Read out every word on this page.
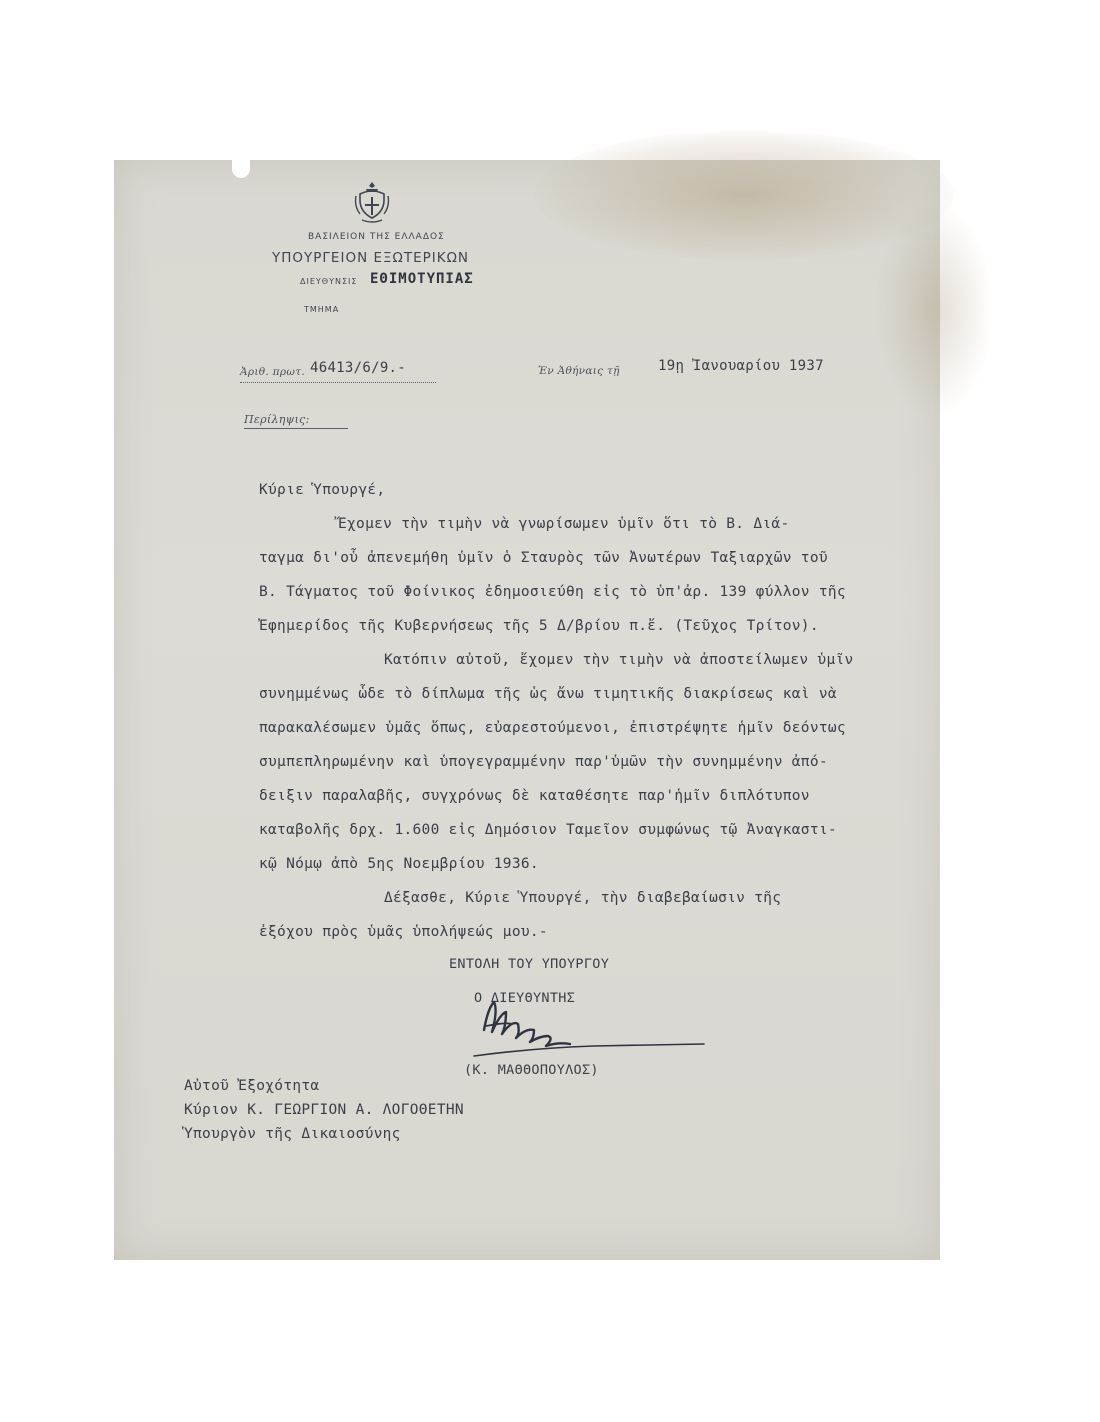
ΒΑΣΙΛΕΙΟΝ ΤΗΣ ΕΛΛΑΔΟΣ
ΥΠΟΥΡΓΕΙΟΝ ΕΞΩΤΕΡΙΚΩΝ
ΔΙΕΥΘΥΝΣΙΣ ΕΘΙΜΟΤΥΠΙΑΣ
ΤΜΗΜΑ
Ἀριθ. πρωτ. 46413/6/9.-	Ἐν Ἀθήναις τῇ	19ῃ Ἰανουαρίου 1937
Περίληψις:
Κύριε Ὑπουργέ,
Ἔχομεν τὴν τιμὴν νὰ γνωρίσωμεν ὑμῖν ὅτι τὸ Β. Διά-
ταγμα δι'οὗ ἀπενεμήθη ὑμῖν ὁ Σταυρὸς τῶν Ἀνωτέρων Ταξιαρχῶν τοῦ
Β. Τάγματος τοῦ Φοίνικος ἐδημοσιεύθη εἰς τὸ ὑπ'ἀρ. 139 φύλλον τῆς
Ἐφημερίδος τῆς Κυβερνήσεως τῆς 5 Δ/βρίου π.ἔ. (Τεῦχος Τρίτον).
Κατόπιν αὐτοῦ, ἔχομεν τὴν τιμὴν νὰ ἀποστείλωμεν ὑμῖν
συνημμένως ὧδε τὸ δίπλωμα τῆς ὡς ἄνω τιμητικῆς διακρίσεως καὶ νὰ
παρακαλέσωμεν ὑμᾶς ὅπως, εὐαρεστούμενοι, ἐπιστρέψητε ἡμῖν δεόντως
συμπεπληρωμένην καὶ ὑπογεγραμμένην παρ'ὑμῶν τὴν συνημμένην ἀπό-
δειξιν παραλαβῆς, συγχρόνως δὲ καταθέσητε παρ'ἡμῖν διπλότυπον
καταβολῆς δρχ. 1.600 εἰς Δημόσιον Ταμεῖον συμφώνως τῷ Ἀναγκαστι-
κῷ Νόμῳ ἀπὸ 5ης Νοεμβρίου 1936.
Δέξασθε, Κύριε Ὑπουργέ, τὴν διαβεβαίωσιν τῆς
ἐξόχου πρὸς ὑμᾶς ὑπολήψεώς μου.-
ΕΝΤΟΛΗ ΤΟΥ ΥΠΟΥΡΓΟΥ
Ο ΔΙΕΥΘΥΝΤΗΣ
(Κ. ΜΑΘΘΟΠΟΥΛΟΣ)
Αὐτοῦ Ἐξοχότητα
Κύριον Κ. ΓΕΩΡΓΙΟΝ Α. ΛΟΓΟΘΕΤΗΝ
Ὑπουργὸν τῆς Δικαιοσύνης
